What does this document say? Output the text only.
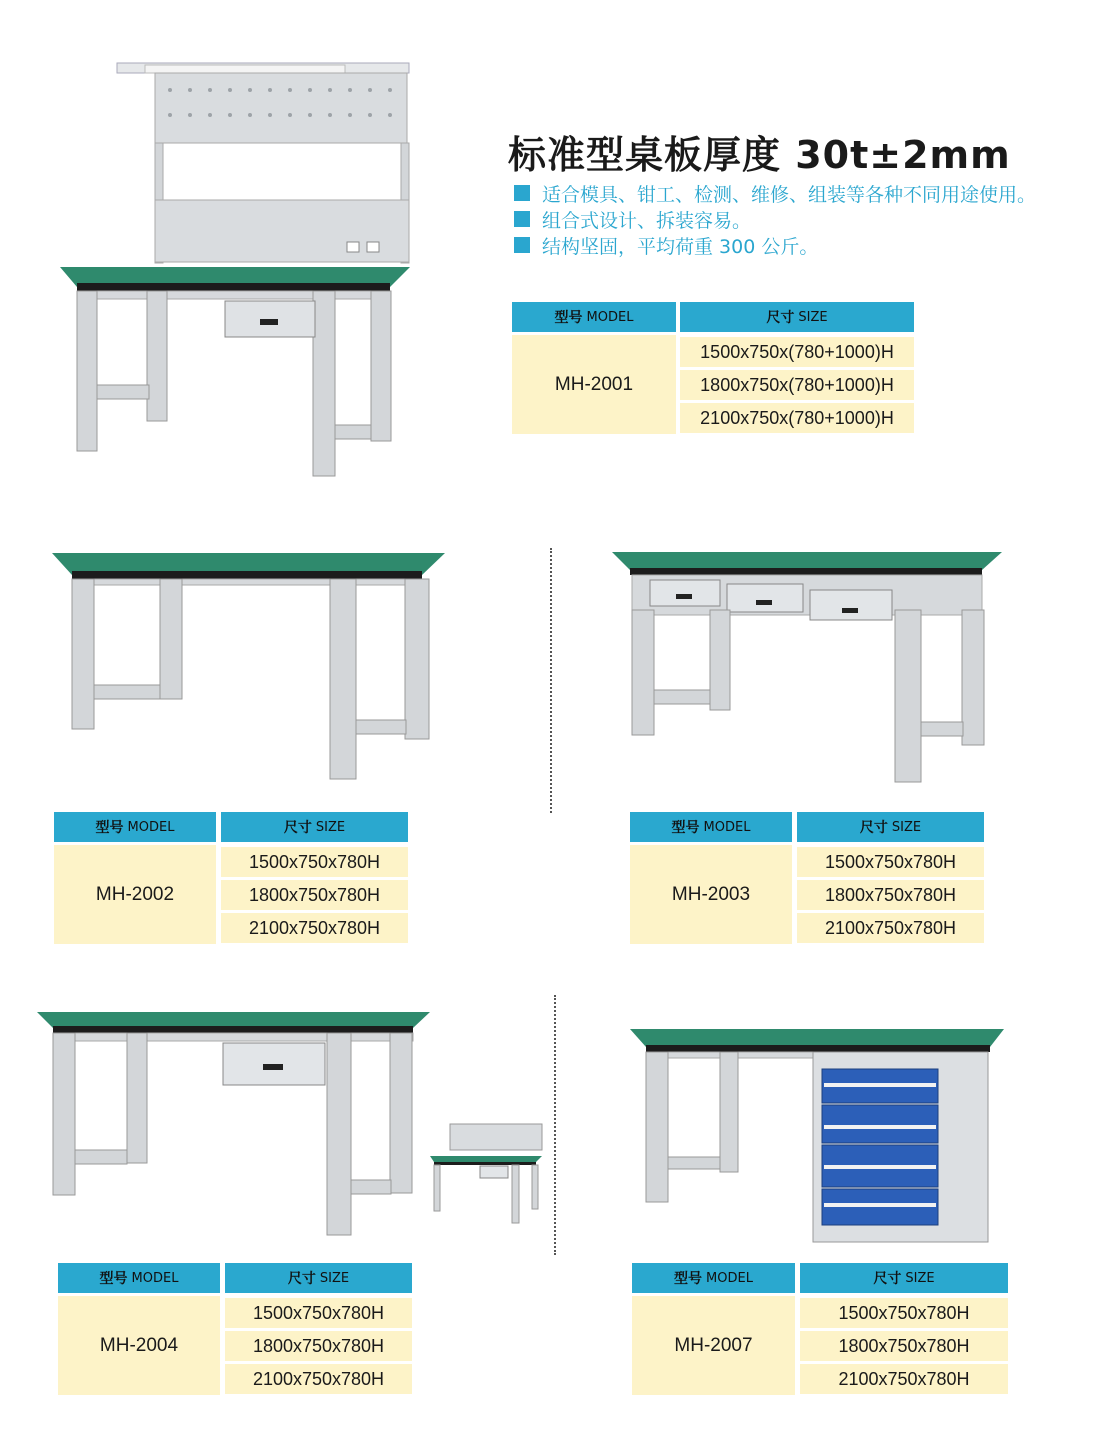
标准型桌板厚度 30t±2mm
适合模具、钳工、检测、维修、组装等各种不同用途使用。
组合式设计、拆装容易。
结构坚固，平均荷重 300 公斤。
型号 MODEL	尺寸 SIZE
MH-2001
1500x750x(780+1000)H
1800x750x(780+1000)H
2100x750x(780+1000)H
型号 MODEL	尺寸 SIZE
MH-2002
1500x750x780H
1800x750x780H
2100x750x780H
型号 MODEL	尺寸 SIZE
MH-2003
1500x750x780H
1800x750x780H
2100x750x780H
型号 MODEL	尺寸 SIZE
MH-2004
1500x750x780H
1800x750x780H
2100x750x780H
型号 MODEL	尺寸 SIZE
MH-2007
1500x750x780H
1800x750x780H
2100x750x780H
